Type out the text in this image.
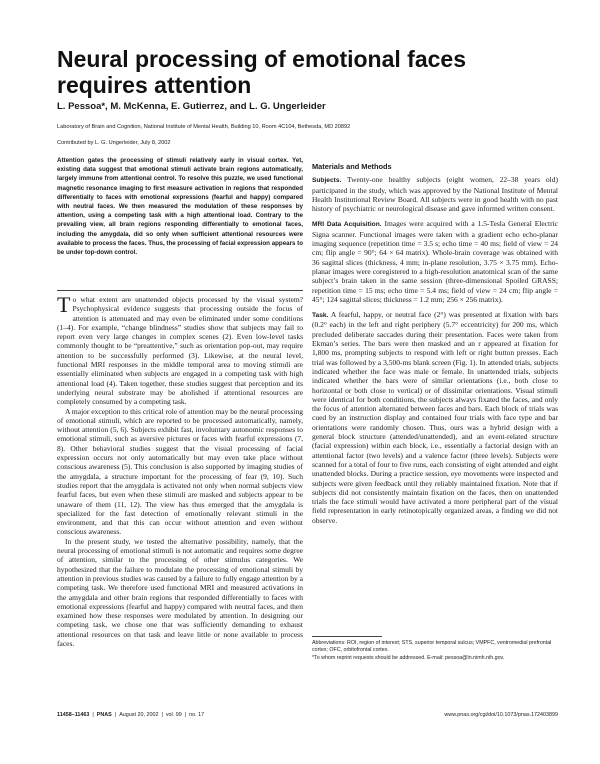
Neural processing of emotional faces requires attention
L. Pessoa*, M. McKenna, E. Gutierrez, and L. G. Ungerleider
Laboratory of Brain and Cognition, National Institute of Mental Health, Building 10, Room 4C104, Bethesda, MD 20892
Contributed by L. G. Ungerleider, July 8, 2002
Attention gates the processing of stimuli relatively early in visual cortex. Yet, existing data suggest that emotional stimuli activate brain regions automatically, largely immune from attentional control. To resolve this puzzle, we used functional magnetic resonance imaging to first measure activation in regions that responded differentially to faces with emotional expressions (fearful and happy) compared with neutral faces. We then measured the modulation of these responses by attention, using a competing task with a high attentional load. Contrary to the prevailing view, all brain regions responding differentially to emotional faces, including the amygdala, did so only when sufficient attentional resources were available to process the faces. Thus, the processing of facial expression appears to be under top-down control.

To what extent are unattended objects processed by the visual system? Psychophysical evidence suggests that processing outside the focus of attention is attenuated and may even be eliminated under some conditions (1–4). For example, “change blindness” studies show that subjects may fail to report even very large changes in complex scenes (2). Even low-level tasks commonly thought to be “preattentive,” such as orientation pop-out, may require attention to be successfully performed (3). Likewise, at the neural level, functional MRI responses in the middle temporal area to moving stimuli are essentially eliminated when subjects are engaged in a competing task with high attentional load (4). Taken together, these studies suggest that perception and its underlying neural substrate may be abolished if attentional resources are completely consumed by a competing task.

A major exception to this critical role of attention may be the neural processing of emotional stimuli, which are reported to be processed automatically, namely, without attention (5, 6). Subjects exhibit fast, involuntary autonomic responses to emotional stimuli, such as aversive pictures or faces with fearful expressions (7, 8). Other behavioral studies suggest that the visual processing of facial expression occurs not only automatically but may even take place without conscious awareness (5). This conclusion is also supported by imaging studies of the amygdala, a structure important for the processing of fear (9, 10). Such studies report that the amygdala is activated not only when normal subjects view fearful faces, but even when these stimuli are masked and subjects appear to be unaware of them (11, 12). The view has thus emerged that the amygdala is specialized for the fast detection of emotionally relevant stimuli in the environment, and that this can occur without attention and even without conscious awareness.

In the present study, we tested the alternative possibility, namely, that the neural processing of emotional stimuli is not automatic and requires some degree of attention, similar to the processing of other stimulus categories. We hypothesized that the failure to modulate the processing of emotional stimuli by attention in previous studies was caused by a failure to fully engage attention by a competing task. We therefore used functional MRI and measured activations in the amygdala and other brain regions that responded differentially to faces with emotional expressions (fearful and happy) compared with neutral faces, and then examined how these responses were modulated by attention. In designing our competing task, we chose one that was sufficiently demanding to exhaust attentional resources on that task and leave little or none available to process faces.

Materials and Methods

Subjects. Twenty-one healthy subjects (eight women, 22–38 years old) participated in the study, which was approved by the National Institute of Mental Health Institutional Review Board. All subjects were in good health with no past history of psychiatric or neurological disease and gave informed written consent.

MRI Data Acquisition. Images were acquired with a 1.5-Tesla General Electric Signa scanner. Functional images were taken with a gradient echo echo-planar imaging sequence (repetition time = 3.5 s; echo time = 40 ms; field of view = 24 cm; flip angle = 90°; 64 × 64 matrix). Whole-brain coverage was obtained with 36 sagittal slices (thickness, 4 mm; in-plane resolution, 3.75 × 3.75 mm). Echo-planar images were coregistered to a high-resolution anatomical scan of the same subject’s brain taken in the same session (three-dimensional Spoiled GRASS; repetition time = 15 ms; echo time = 5.4 ms; field of view = 24 cm; flip angle = 45°; 124 sagittal slices; thickness = 1.2 mm; 256 × 256 matrix).

Task. A fearful, happy, or neutral face (2°) was presented at fixation with bars (0.2° each) in the left and right periphery (5.7° eccentricity) for 200 ms, which precluded deliberate saccades during their presentation. Faces were taken from Ekman’s series. The bars were then masked and an r appeared at fixation for 1,800 ms, prompting subjects to respond with left or right button presses. Each trial was followed by a 3,500-ms blank screen (Fig. 1). In attended trials, subjects indicated whether the face was male or female. In unattended trials, subjects indicated whether the bars were of similar orientations (i.e., both close to horizontal or both close to vertical) or of dissimilar orientations. Visual stimuli were identical for both conditions, the subjects always fixated the faces, and only the focus of attention alternated between faces and bars. Each block of trials was cued by an instruction display and contained four trials with face type and bar orientations were randomly chosen. Thus, ours was a hybrid design with a general block structure (attended/unattended), and an event-related structure (facial expression) within each block, i.e., essentially a factorial design with an attentional factor (two levels) and a valence factor (three levels). Subjects were scanned for a total of four to five runs, each consisting of eight attended and eight unattended blocks. During a practice session, eye movements were inspected and subjects were given feedback until they reliably maintained fixation. Note that if subjects did not consistently maintain fixation on the faces, then on unattended trials the face stimuli would have activated a more peripheral part of the visual field representation in early retinotopically organized areas, a finding we did not observe.

Abbreviations: ROI, region of interest; STS, superior temporal sulcus; VMPFC, ventromedial prefrontal cortex; OFC, orbitofrontal cortex.
*To whom reprint requests should be addressed. E-mail: pessoa@ln.nimh.nih.gov.
11458–11463 | PNAS | August 20, 2002 | vol. 99 | no. 17	www.pnas.org/cgi/doi/10.1073/pnas.172403899
